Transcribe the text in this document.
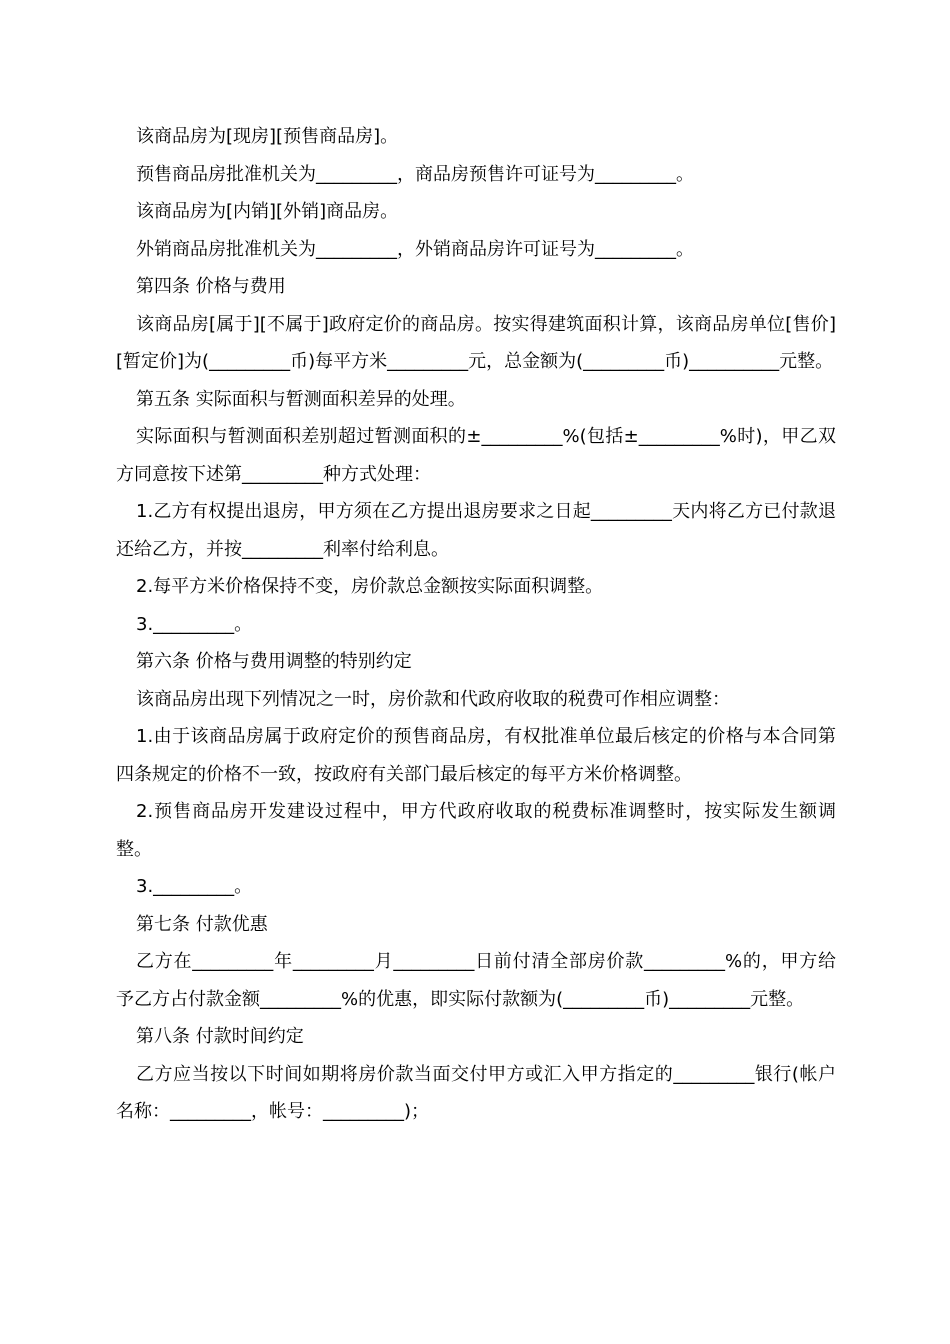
该商品房为[现房][预售商品房]。

预售商品房批准机关为_________，商品房预售许可证号为_________。

该商品房为[内销][外销]商品房。

外销商品房批准机关为_________，外销商品房许可证号为_________。

第四条 价格与费用

该商品房[属于][不属于]政府定价的商品房。按实得建筑面积计算，该商品房单位[售价][暂定价]为(_________币)每平方米_________元，总金额为(_________币)__________元整。

第五条 实际面积与暂测面积差异的处理。

实际面积与暂测面积差别超过暂测面积的±_________%(包括±_________%时)，甲乙双方同意按下述第_________种方式处理：

1.乙方有权提出退房，甲方须在乙方提出退房要求之日起_________天内将乙方已付款退还给乙方，并按_________利率付给利息。

2.每平方米价格保持不变，房价款总金额按实际面积调整。

3._________。

第六条 价格与费用调整的特别约定

该商品房出现下列情况之一时，房价款和代政府收取的税费可作相应调整：

1.由于该商品房属于政府定价的预售商品房，有权批准单位最后核定的价格与本合同第四条规定的价格不一致，按政府有关部门最后核定的每平方米价格调整。

2.预售商品房开发建设过程中，甲方代政府收取的税费标准调整时，按实际发生额调整。

3._________。

第七条 付款优惠

乙方在_________年_________月_________日前付清全部房价款_________%的，甲方给予乙方占付款金额_________%的优惠，即实际付款额为(_________币)_________元整。

第八条 付款时间约定

乙方应当按以下时间如期将房价款当面交付甲方或汇入甲方指定的_________银行(帐户名称：_________，帐号：_________)；
